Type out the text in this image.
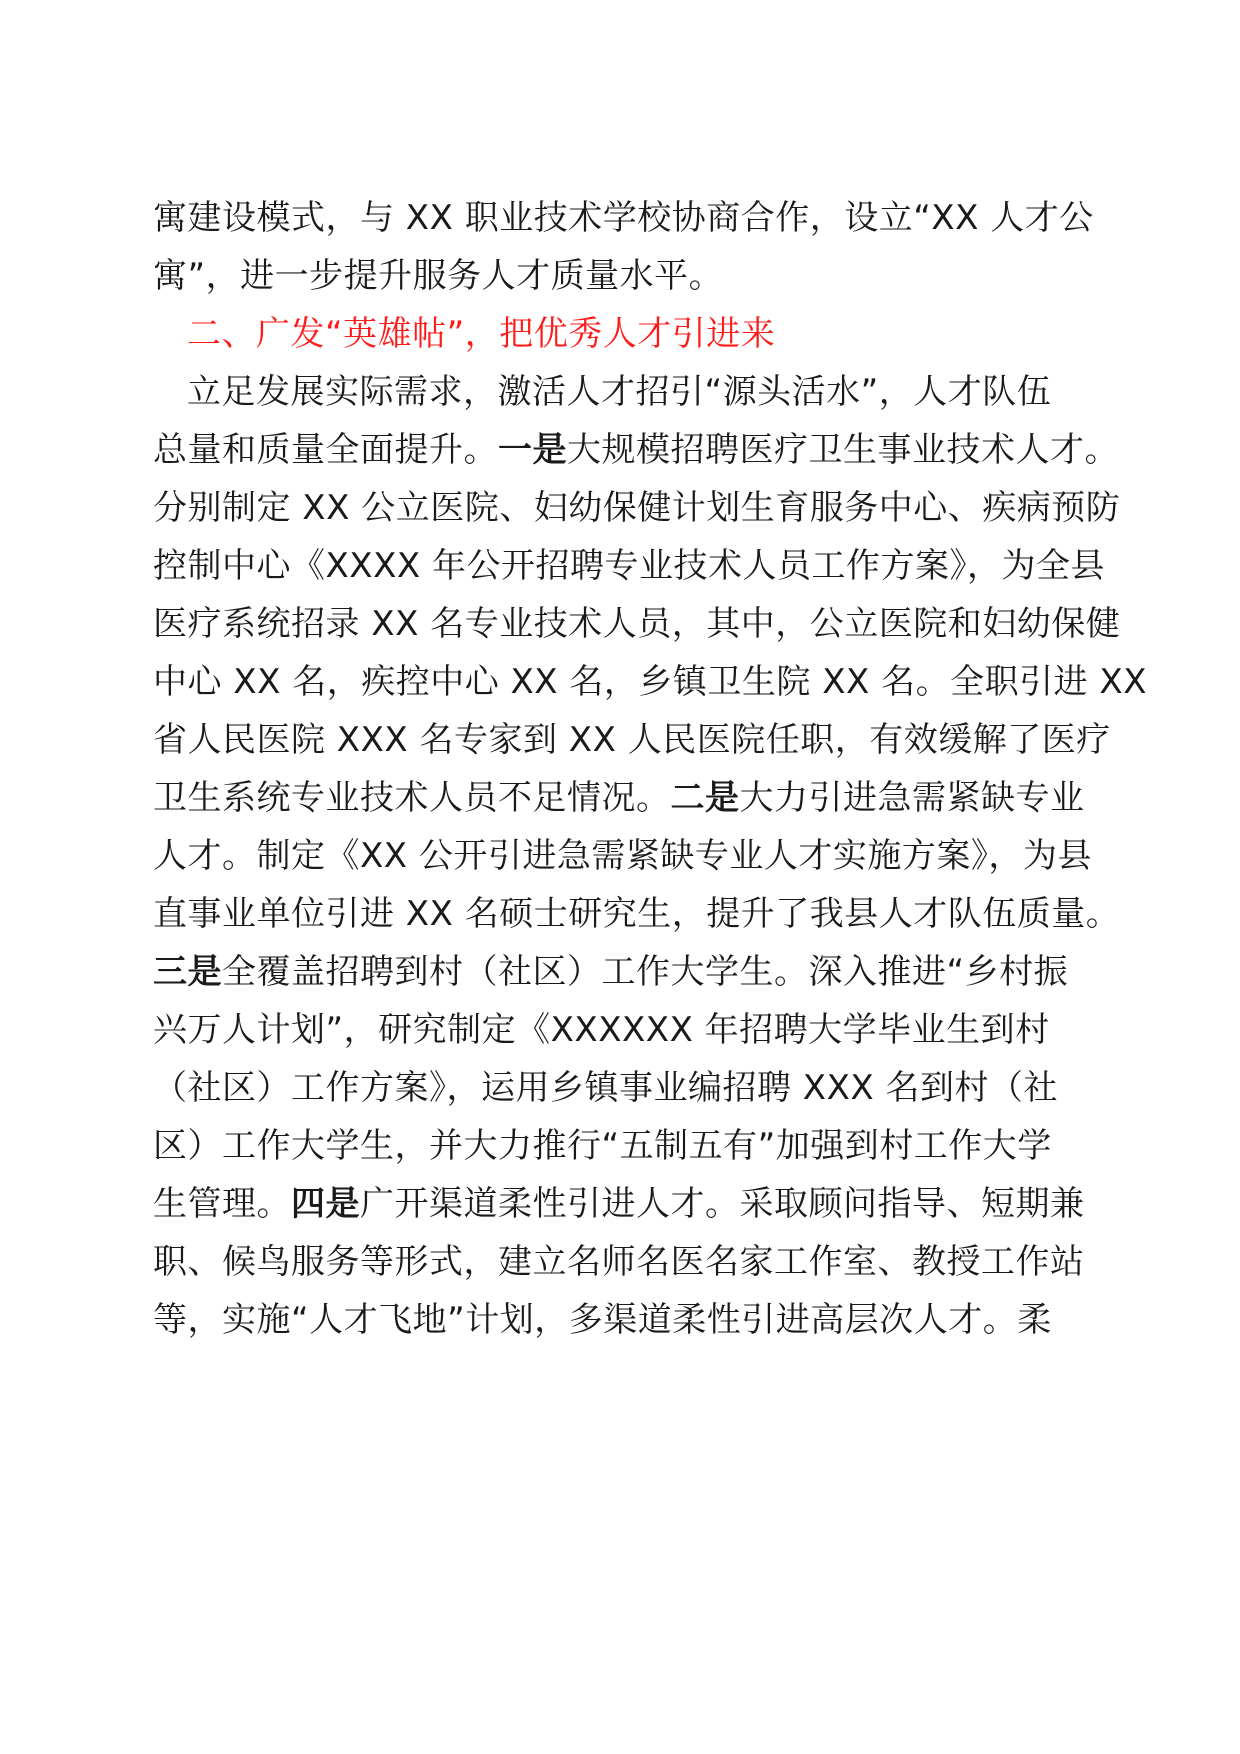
寓建设模式，与 XX 职业技术学校协商合作，设立“XX 人才公
寓”，进一步提升服务人才质量水平。
二、广发“英雄帖”，把优秀人才引进来
立足发展实际需求，激活人才招引“源头活水”，人才队伍
总量和质量全面提升。一是大规模招聘医疗卫生事业技术人才。
分别制定 XX 公立医院、妇幼保健计划生育服务中心、疾病预防
控制中心《XXXX 年公开招聘专业技术人员工作方案》，为全县
医疗系统招录 XX 名专业技术人员，其中，公立医院和妇幼保健
中心 XX 名，疾控中心 XX 名，乡镇卫生院 XX 名。全职引进 XX
省人民医院 XXX 名专家到 XX 人民医院任职，有效缓解了医疗
卫生系统专业技术人员不足情况。二是大力引进急需紧缺专业
人才。制定《XX 公开引进急需紧缺专业人才实施方案》，为县
直事业单位引进 XX 名硕士研究生，提升了我县人才队伍质量。
三是全覆盖招聘到村（社区）工作大学生。深入推进“乡村振
兴万人计划”，研究制定《XXXXXX 年招聘大学毕业生到村
（社区）工作方案》，运用乡镇事业编招聘 XXX 名到村（社
区）工作大学生，并大力推行“五制五有”加强到村工作大学
生管理。四是广开渠道柔性引进人才。采取顾问指导、短期兼
职、候鸟服务等形式，建立名师名医名家工作室、教授工作站
等，实施“人才飞地”计划，多渠道柔性引进高层次人才。柔
